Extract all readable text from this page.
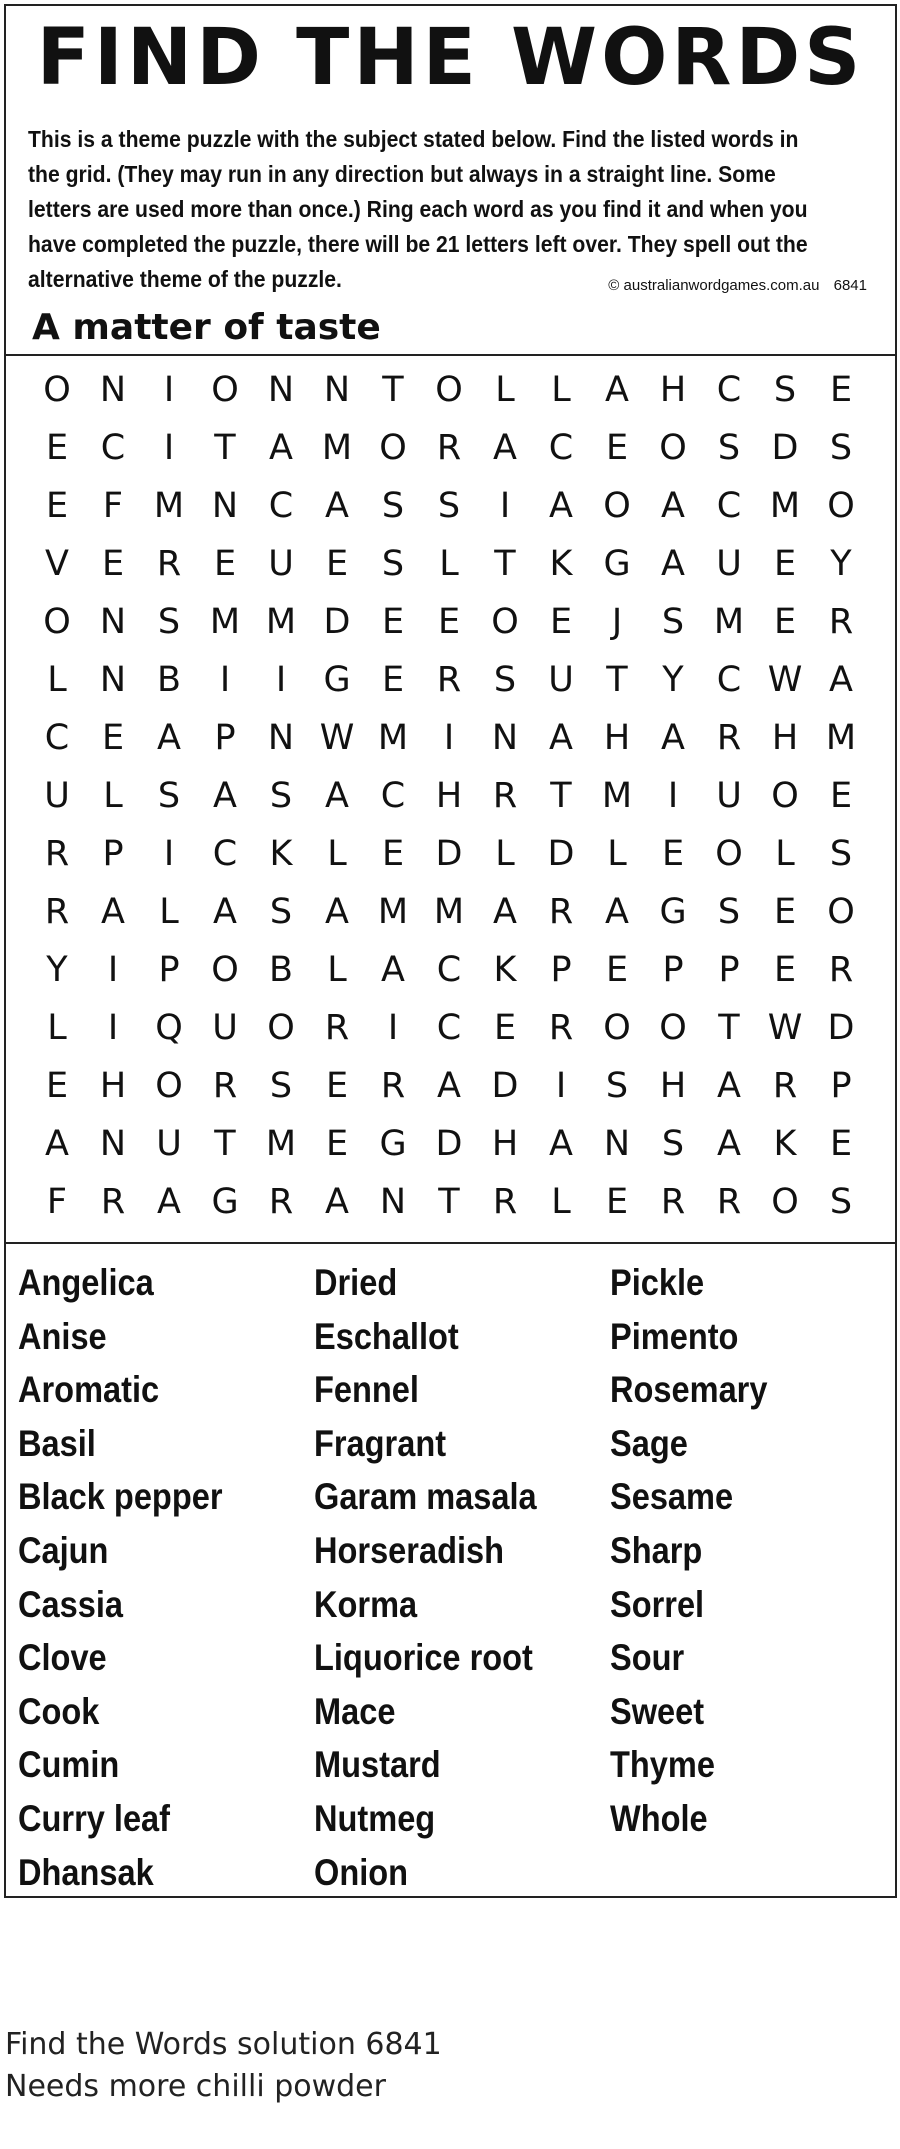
FIND THE WORDS

This is a theme puzzle with the subject stated below. Find the listed words in the grid. (They may run in any direction but always in a straight line. Some letters are used more than once.) Ring each word as you find it and when you have completed the puzzle, there will be 21 letters left over. They spell out the alternative theme of the puzzle.	© australianwordgames.com.au 6841
A matter of taste
O N	I	O N N T O L	L A H C S E
E C	I	T A M O R A C E O S D S
E F M N C A S S	I	A O A C M O
V E R E U E S	L	T K G A U E Y
O N S M M D E E O E	J	S M E R
L N B	I	I	G E R S U T Y C W A
C E A P N W M	I	N A H A R H M
U L	S A S A C H R T M	I	U O E
R P	I	C K L	E D L D L	E O L	S
R A L A S A M M A R A G S E O
Y	I	P O B L A C K P E P P E R
L	I	Q U O R	I	C E R O O T W D
E H O R S E R A D	I	S H A R P
A N U T M E G D H A N S A K E
F R A G R A N T R L	E R R O S
Angelica
Anise
Aromatic
Basil
Black pepper
Cajun
Cassia
Clove
Cook
Cumin
Curry leaf
Dhansak
Dried
Eschallot
Fennel
Fragrant
Garam masala
Horseradish
Korma
Liquorice root
Mace
Mustard
Nutmeg
Onion
Pickle
Pimento
Rosemary
Sage
Sesame
Sharp
Sorrel
Sour
Sweet
Thyme
Whole
Find the Words solution 6841
Needs more chilli powder
